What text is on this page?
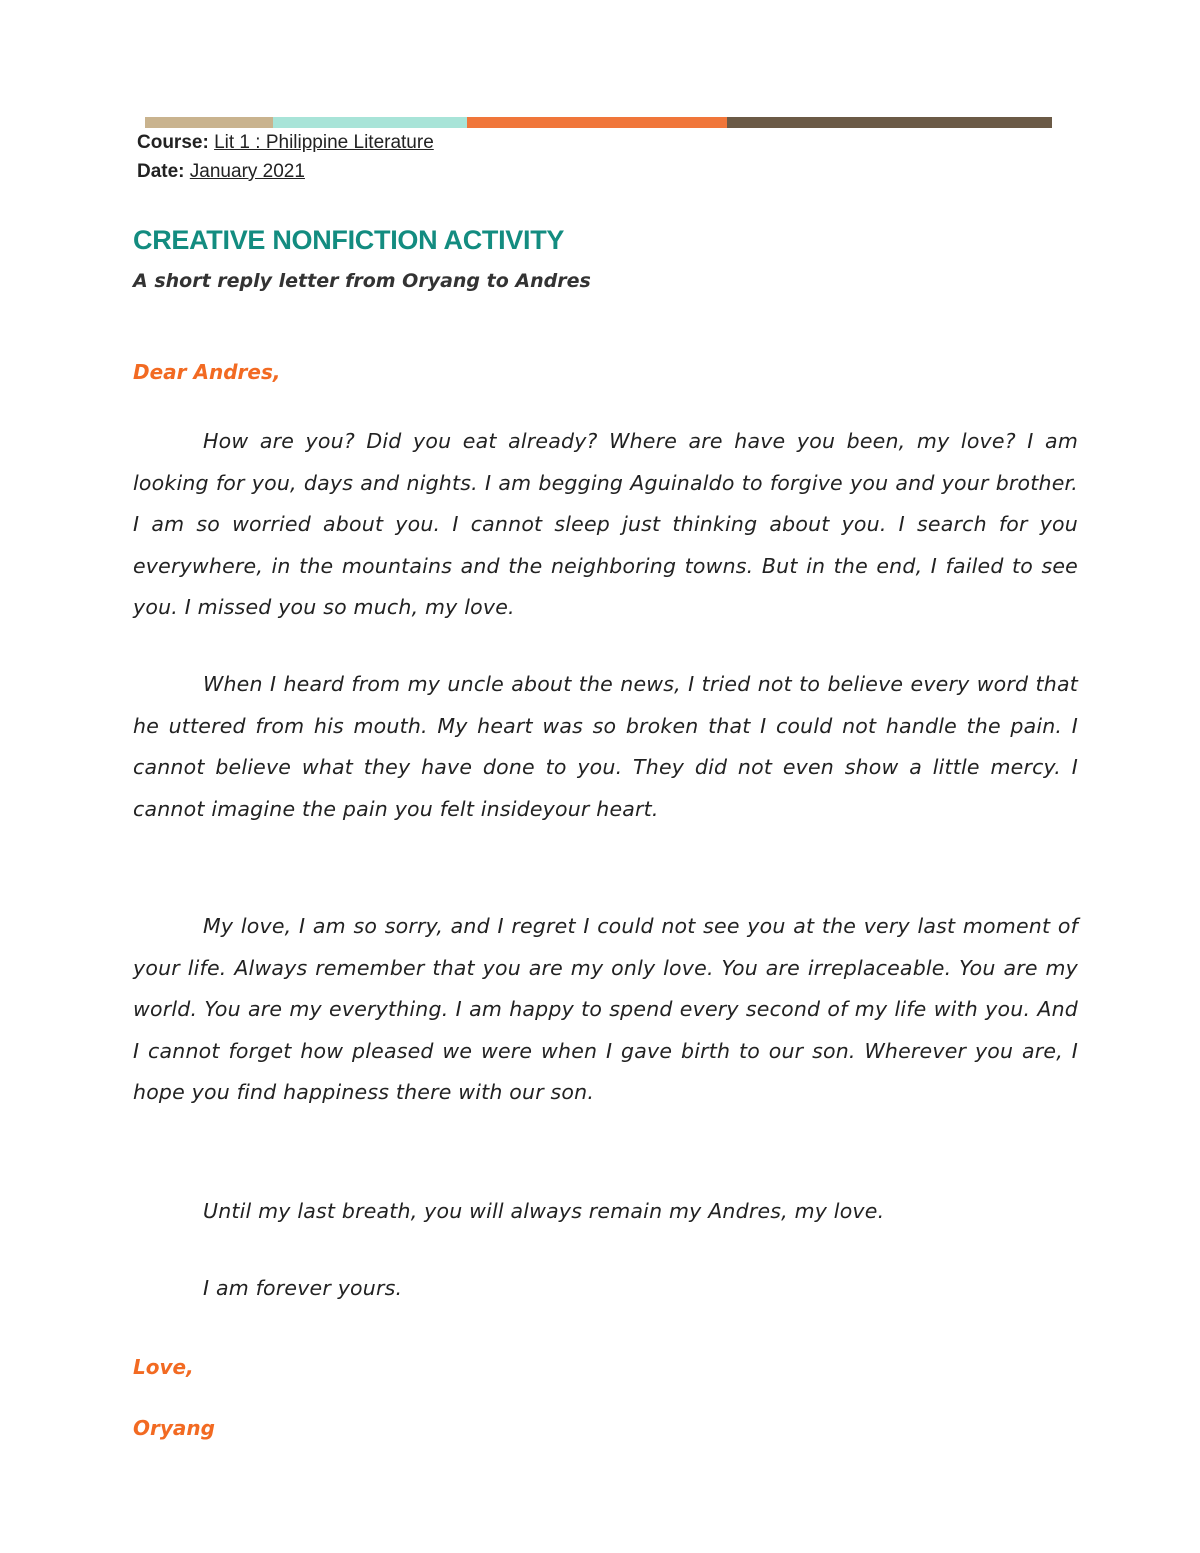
Course: Lit 1 : Philippine Literature
Date: January 2021
CREATIVE NONFICTION ACTIVITY
A short reply letter from Oryang to Andres

Dear Andres,

How are you? Did you eat already? Where are have you been, my love? I am looking for you, days and nights. I am begging Aguinaldo to forgive you and your brother. I am so worried about you. I cannot sleep just thinking about you. I search for you everywhere, in the mountains and the neighboring towns. But in the end, I failed to see you. I missed you so much, my love.

When I heard from my uncle about the news, I tried not to believe every word that he uttered from his mouth. My heart was so broken that I could not handle the pain. I cannot believe what they have done to you. They did not even show a little mercy. I cannot imagine the pain you felt insideyour heart.

My love, I am so sorry, and I regret I could not see you at the very last moment of your life. Always remember that you are my only love. You are irreplaceable. You are my world. You are my everything. I am happy to spend every second of my life with you. And I cannot forget how pleased we were when I gave birth to our son. Wherever you are, I hope you find happiness there with our son.

Until my last breath, you will always remain my Andres, my love.

I am forever yours.

Love,

Oryang
